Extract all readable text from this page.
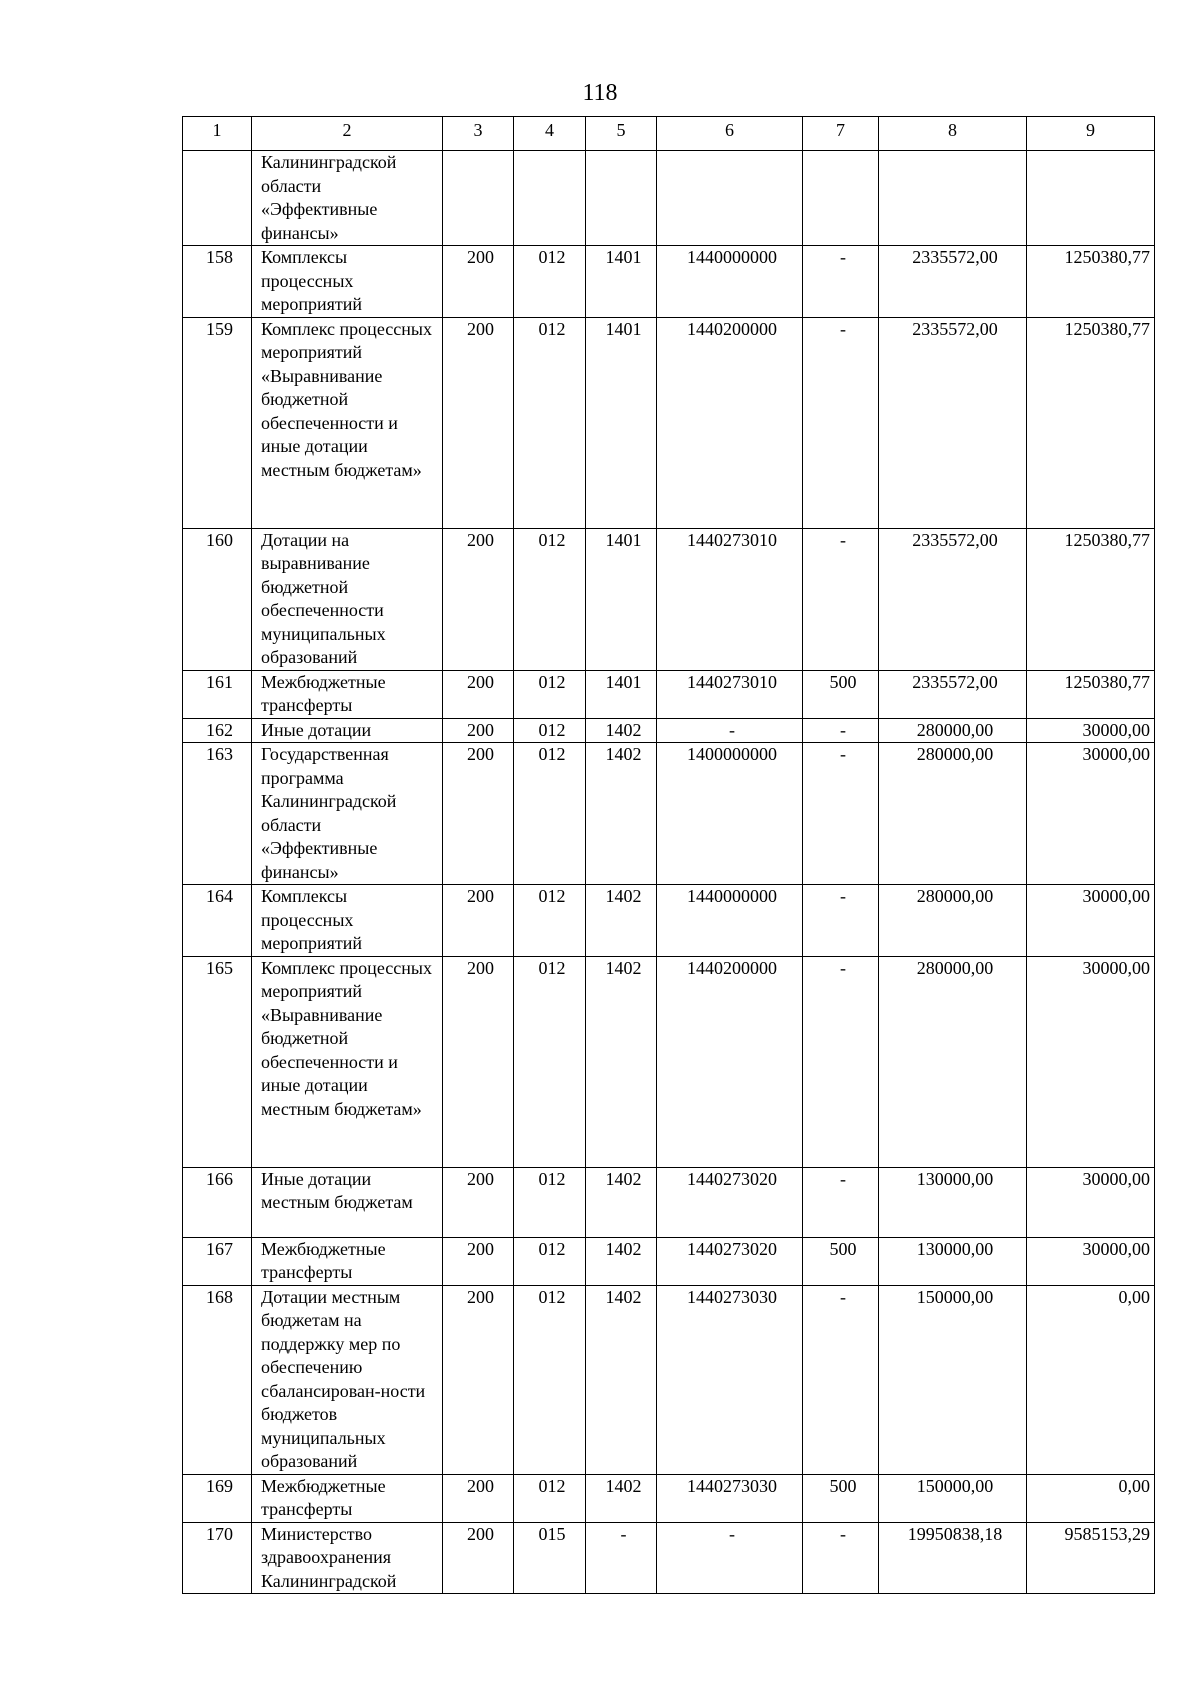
118
1	2	3	4	5	6	7	8	9
	Калининградской области «Эффективные финансы»							
158	Комплексы процессных мероприятий	200	012	1401	1440000000	-	2335572,00	1250380,77
159	Комплекс процессных мероприятий «Выравнивание бюджетной обеспеченности и иные дотации местным бюджетам»	200	012	1401	1440200000	-	2335572,00	1250380,77
160	Дотации на выравнивание бюджетной обеспеченности муниципальных образований	200	012	1401	1440273010	-	2335572,00	1250380,77
161	Межбюджетные трансферты	200	012	1401	1440273010	500	2335572,00	1250380,77
162	Иные дотации	200	012	1402	-	-	280000,00	30000,00
163	Государственная программа Калининградской области «Эффективные финансы»	200	012	1402	1400000000	-	280000,00	30000,00
164	Комплексы процессных мероприятий	200	012	1402	1440000000	-	280000,00	30000,00
165	Комплекс процессных мероприятий «Выравнивание бюджетной обеспеченности и иные дотации местным бюджетам»	200	012	1402	1440200000	-	280000,00	30000,00
166	Иные дотации местным бюджетам	200	012	1402	1440273020	-	130000,00	30000,00
167	Межбюджетные трансферты	200	012	1402	1440273020	500	130000,00	30000,00
168	Дотации местным бюджетам на поддержку мер по обеспечению сбалансирован-ности бюджетов муниципальных образований	200	012	1402	1440273030	-	150000,00	0,00
169	Межбюджетные трансферты	200	012	1402	1440273030	500	150000,00	0,00
170	Министерство здравоохранения Калининградской	200	015	-	-	-	19950838,18	9585153,29
